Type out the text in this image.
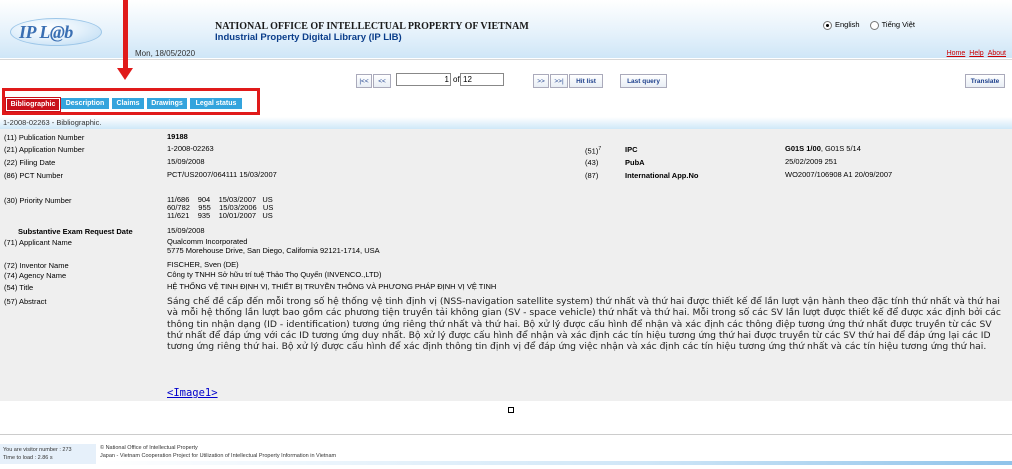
IP L@b	NATIONAL OFFICE OF INTELLECTUAL PROPERTY OF VIETNAM
Industrial Property Digital Library (IP LIB)
Mon, 18/05/2020
English	Tiếng Việt
Home Help About
|<<	<<	1 of 12	>>	>>|	Hit list	Last query	Translate
Bibliographic	Description	Claims	Drawings	Legal status
1-2008-02263 - Bibliographic.
(11) Publication Number	19188
(21) Application Number	1-2008-02263	$(51)^7$	IPC	G01S 1/00, G01S 5/14
(22) Filing Date	15/09/2008	(43)	PubA	25/02/2009 251
(86) PCT Number	PCT/US2007/064111 15/03/2007	(87)	International App.No	WO2007/106908 A1 20/09/2007
(30) Priority Number	11/686    904    15/03/2007   US
60/782    955    15/03/2006   US
11/621    935    10/01/2007   US
Substantive Exam Request Date	15/09/2008
(71) Applicant Name	Qualcomm Incorporated
5775 Morehouse Drive, San Diego, California 92121-1714, USA
(72) Inventor Name	FISCHER, Sven (DE)
(74) Agency Name	Công ty TNHH Sở hữu trí tuệ Thảo Thọ Quyến (INVENCO.,LTD)
(54) Title	HỆ THỐNG VỆ TINH ĐỊNH VỊ, THIẾT BỊ TRUYỀN THÔNG VÀ PHƯƠNG PHÁP ĐỊNH VỊ VỆ TINH
(57) Abstract	Sáng chế đề cấp đến mỗi trong số hệ thống vệ tinh định vị (NSS-navigation satellite system) thứ nhất và thứ hai được thiết kế để lần lượt vận hành theo đặc tính thứ nhất và thứ hai và mỗi hệ thống lần lượt bao gồm các phương tiện truyền tải không gian (SV - space vehicle) thứ nhất và thứ hai. Mỗi trong số các SV lần lượt được thiết kế để được xác định bởi các thông tin nhận dạng (ID - identification) tương ứng riêng thứ nhất và thứ hai. Bộ xử lý được cấu hình để nhận và xác định các thông điệp tương ứng thứ nhất được truyền từ các SV thứ nhất để đáp ứng với các ID tương ứng duy nhất. Bộ xử lý được cấu hình để nhận và xác định các tín hiệu tương ứng thứ hai được truyền từ các SV thứ hai để đáp ứng lại các ID tương ứng riêng thứ hai. Bộ xử lý được cấu hình để xác định thông tin định vị để đáp ứng việc nhận và xác định các tín hiệu tương ứng thứ nhất và các tín hiệu tương ứng thứ hai.
<Image1>
You are visitor number : 273
Time to load : 2.86 s
© National Office of Intellectual Property
Japan - Vietnam Cooperation Project for Utilization of Intellectual Property Information in Vietnam
